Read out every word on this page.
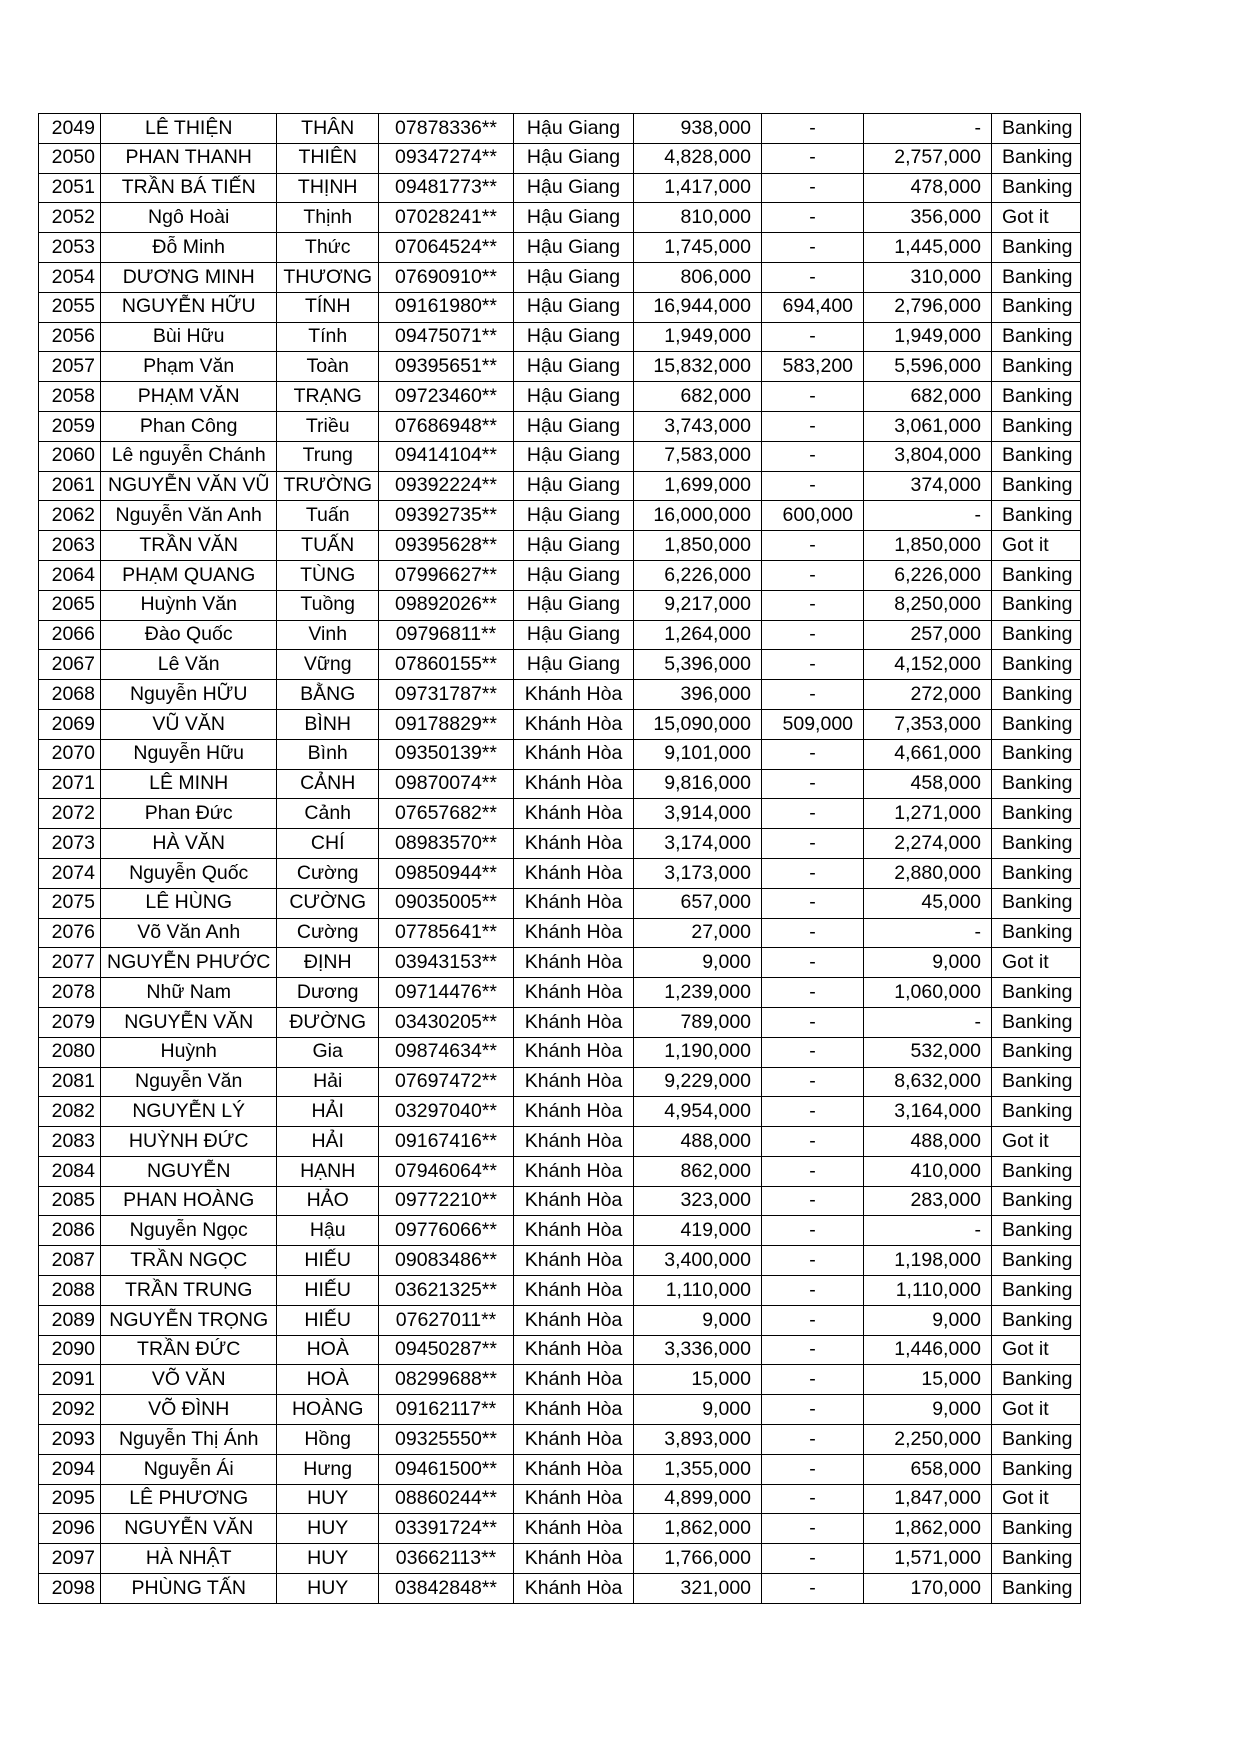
2049	LÊ THIỆN	THÂN	07878336**	Hậu Giang	938,000	-	-	Banking
2050	PHAN THANH	THIÊN	09347274**	Hậu Giang	4,828,000	-	2,757,000	Banking
2051	TRẦN BÁ TIẾN	THỊNH	09481773**	Hậu Giang	1,417,000	-	478,000	Banking
2052	Ngô Hoài	Thịnh	07028241**	Hậu Giang	810,000	-	356,000	Got it
2053	Đỗ Minh	Thức	07064524**	Hậu Giang	1,745,000	-	1,445,000	Banking
2054	DƯƠNG MINH	THƯƠNG	07690910**	Hậu Giang	806,000	-	310,000	Banking
2055	NGUYỄN HỮU	TÍNH	09161980**	Hậu Giang	16,944,000	694,400	2,796,000	Banking
2056	Bùi Hữu	Tính	09475071**	Hậu Giang	1,949,000	-	1,949,000	Banking
2057	Phạm Văn	Toàn	09395651**	Hậu Giang	15,832,000	583,200	5,596,000	Banking
2058	PHẠM VĂN	TRẠNG	09723460**	Hậu Giang	682,000	-	682,000	Banking
2059	Phan Công	Triều	07686948**	Hậu Giang	3,743,000	-	3,061,000	Banking
2060	Lê nguyễn Chánh	Trung	09414104**	Hậu Giang	7,583,000	-	3,804,000	Banking
2061	NGUYỄN VĂN VŨ	TRƯỜNG	09392224**	Hậu Giang	1,699,000	-	374,000	Banking
2062	Nguyễn Văn Anh	Tuấn	09392735**	Hậu Giang	16,000,000	600,000	-	Banking
2063	TRẦN VĂN	TUẤN	09395628**	Hậu Giang	1,850,000	-	1,850,000	Got it
2064	PHẠM QUANG	TÙNG	07996627**	Hậu Giang	6,226,000	-	6,226,000	Banking
2065	Huỳnh Văn	Tuồng	09892026**	Hậu Giang	9,217,000	-	8,250,000	Banking
2066	Đào Quốc	Vinh	09796811**	Hậu Giang	1,264,000	-	257,000	Banking
2067	Lê Văn	Vững	07860155**	Hậu Giang	5,396,000	-	4,152,000	Banking
2068	Nguyễn HỮU	BẰNG	09731787**	Khánh Hòa	396,000	-	272,000	Banking
2069	VŨ VĂN	BÌNH	09178829**	Khánh Hòa	15,090,000	509,000	7,353,000	Banking
2070	Nguyễn Hữu	Bình	09350139**	Khánh Hòa	9,101,000	-	4,661,000	Banking
2071	LÊ MINH	CẢNH	09870074**	Khánh Hòa	9,816,000	-	458,000	Banking
2072	Phan Đức	Cảnh	07657682**	Khánh Hòa	3,914,000	-	1,271,000	Banking
2073	HÀ VĂN	CHÍ	08983570**	Khánh Hòa	3,174,000	-	2,274,000	Banking
2074	Nguyễn Quốc	Cường	09850944**	Khánh Hòa	3,173,000	-	2,880,000	Banking
2075	LÊ HÙNG	CƯỜNG	09035005**	Khánh Hòa	657,000	-	45,000	Banking
2076	Võ Văn Anh	Cường	07785641**	Khánh Hòa	27,000	-	-	Banking
2077	NGUYỄN PHƯỚC	ĐỊNH	03943153**	Khánh Hòa	9,000	-	9,000	Got it
2078	Nhữ Nam	Dương	09714476**	Khánh Hòa	1,239,000	-	1,060,000	Banking
2079	NGUYỄN VĂN	ĐƯỜNG	03430205**	Khánh Hòa	789,000	-	-	Banking
2080	Huỳnh	Gia	09874634**	Khánh Hòa	1,190,000	-	532,000	Banking
2081	Nguyễn Văn	Hải	07697472**	Khánh Hòa	9,229,000	-	8,632,000	Banking
2082	NGUYỄN LÝ	HẢI	03297040**	Khánh Hòa	4,954,000	-	3,164,000	Banking
2083	HUỲNH ĐỨC	HẢI	09167416**	Khánh Hòa	488,000	-	488,000	Got it
2084	NGUYỄN	HẠNH	07946064**	Khánh Hòa	862,000	-	410,000	Banking
2085	PHAN HOÀNG	HẢO	09772210**	Khánh Hòa	323,000	-	283,000	Banking
2086	Nguyễn Ngọc	Hậu	09776066**	Khánh Hòa	419,000	-	-	Banking
2087	TRẦN NGỌC	HIẾU	09083486**	Khánh Hòa	3,400,000	-	1,198,000	Banking
2088	TRẦN TRUNG	HIẾU	03621325**	Khánh Hòa	1,110,000	-	1,110,000	Banking
2089	NGUYỄN TRỌNG	HIẾU	07627011**	Khánh Hòa	9,000	-	9,000	Banking
2090	TRẦN ĐỨC	HOÀ	09450287**	Khánh Hòa	3,336,000	-	1,446,000	Got it
2091	VÕ VĂN	HOÀ	08299688**	Khánh Hòa	15,000	-	15,000	Banking
2092	VÕ ĐÌNH	HOÀNG	09162117**	Khánh Hòa	9,000	-	9,000	Got it
2093	Nguyễn Thị Ánh	Hồng	09325550**	Khánh Hòa	3,893,000	-	2,250,000	Banking
2094	Nguyễn Ái	Hưng	09461500**	Khánh Hòa	1,355,000	-	658,000	Banking
2095	LÊ PHƯƠNG	HUY	08860244**	Khánh Hòa	4,899,000	-	1,847,000	Got it
2096	NGUYỄN VĂN	HUY	03391724**	Khánh Hòa	1,862,000	-	1,862,000	Banking
2097	HÀ NHẬT	HUY	03662113**	Khánh Hòa	1,766,000	-	1,571,000	Banking
2098	PHÙNG TẤN	HUY	03842848**	Khánh Hòa	321,000	-	170,000	Banking
